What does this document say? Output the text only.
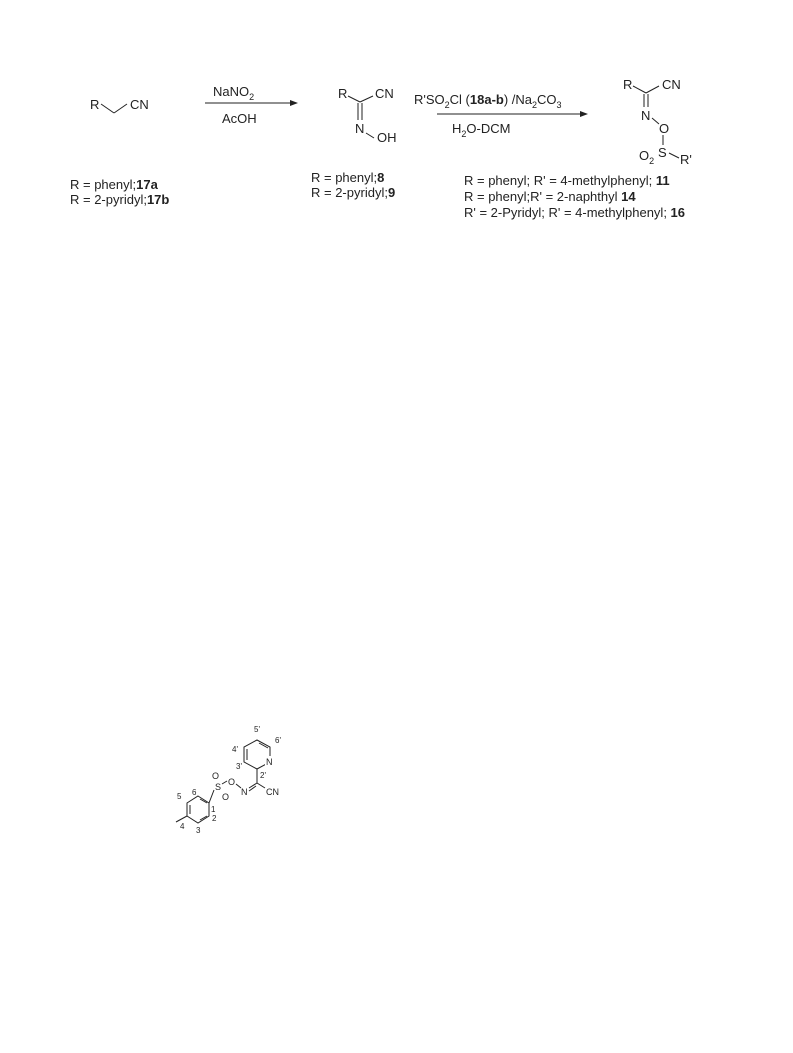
R CN
NaNO$_2$
AcOH
R CN
N
OH
$R'SO_2Cl$ (18a-b) $/Na_2CO_3$
$H_2O$-DCM
R CN
N
O
S
$O_2$ R'
N
N CN
O
S
O
O
5'
6'
4'
3'
2'
6
5
1
2
4 3
R = phenyl;17a
R = 2-pyridyl;17b
R = phenyl;8
R = 2-pyridyl;9
R = phenyl; R' = 4-methylphenyl; 11
R = phenyl;R' = 2-naphthyl 14
R' = 2-Pyridyl; R' = 4-methylphenyl; 16
